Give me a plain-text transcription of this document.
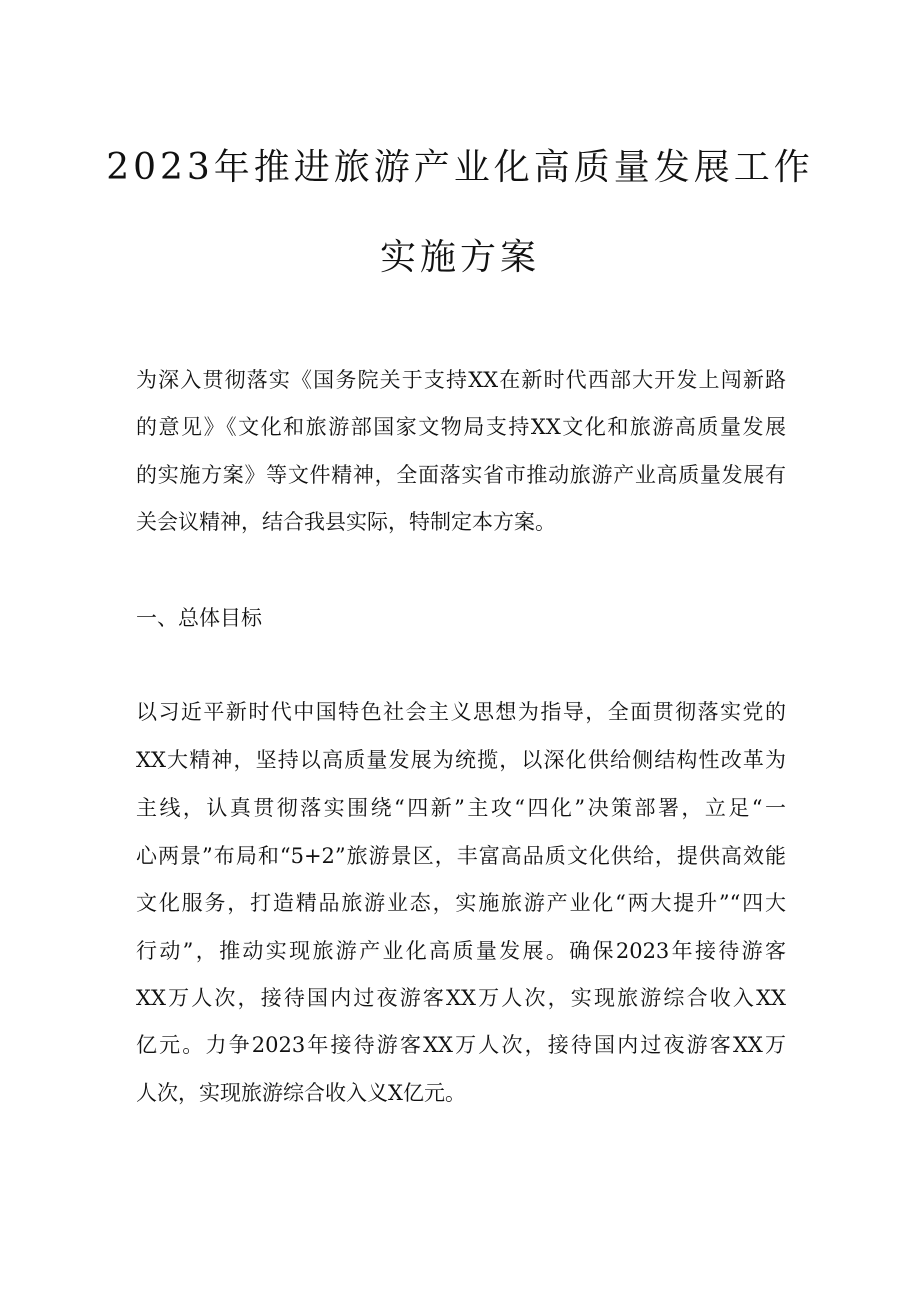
2023年推进旅游产业化高质量发展工作
实施方案
为深入贯彻落实《国务院关于支持XX在新时代西部大开发上闯新路
的意见》《文化和旅游部国家文物局支持XX文化和旅游高质量发展
的实施方案》等文件精神，全面落实省市推动旅游产业高质量发展有
关会议精神，结合我县实际，特制定本方案。
一、总体目标
以习近平新时代中国特色社会主义思想为指导，全面贯彻落实党的
XX大精神，坚持以高质量发展为统揽，以深化供给侧结构性改革为
主线，认真贯彻落实围绕“四新”主攻“四化”决策部署，立足“一
心两景”布局和“5+2”旅游景区，丰富高品质文化供给，提供高效能
文化服务，打造精品旅游业态，实施旅游产业化“两大提升”“四大
行动”，推动实现旅游产业化高质量发展。确保2023年接待游客
XX万人次，接待国内过夜游客XX万人次，实现旅游综合收入XX
亿元。力争2023年接待游客XX万人次，接待国内过夜游客XX万
人次，实现旅游综合收入义X亿元。
